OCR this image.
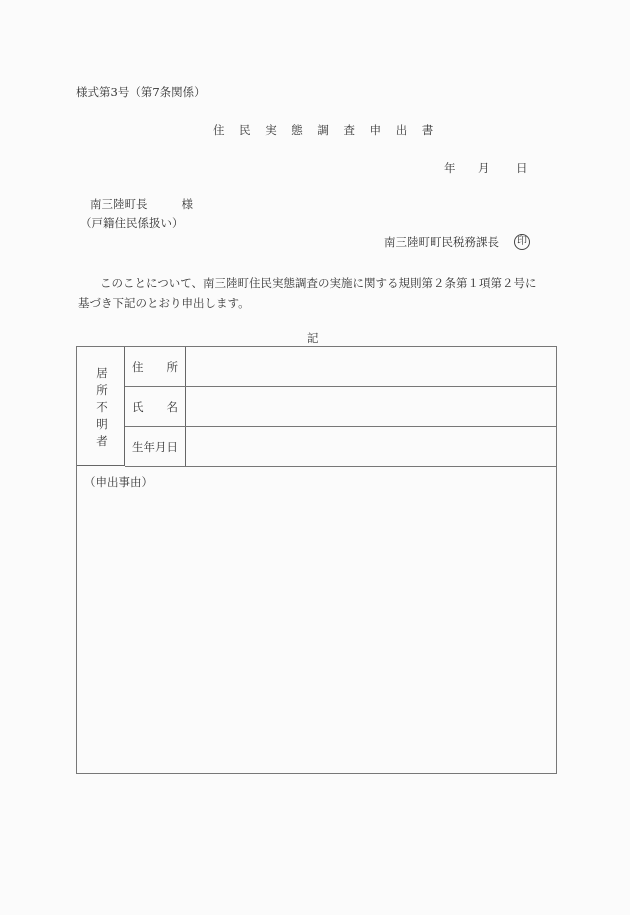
様式第3号（第7条関係）
住民実態調査申出書
年 月 日
南三陸町長	様
（戸籍住民係扱い）
南三陸町町民税務課長	印
このことについて、南三陸町住民実態調査の実施に関する規則第２条第１項第２号に
基づき下記のとおり申出します。
記
居
所
不
明
者
住 所
氏 名
生年月日
（申出事由）
